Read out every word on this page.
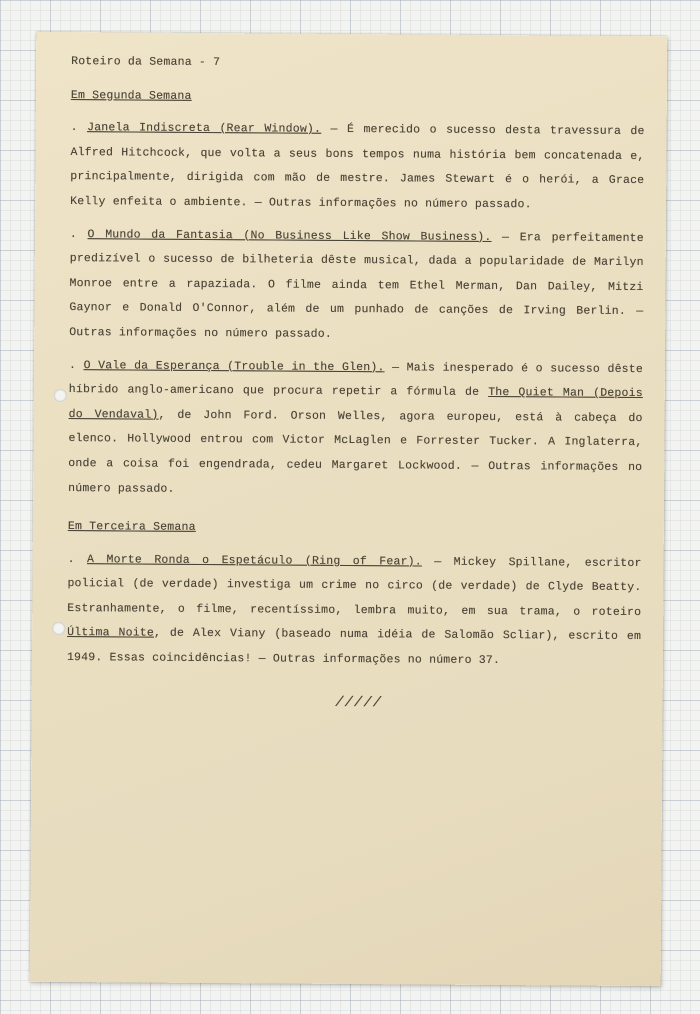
Roteiro da Semana - 7
Em Segunda Semana
. Janela Indiscreta (Rear Window). — É merecido o sucesso desta travessura de Alfred Hitchcock, que volta a seus bons tempos numa história bem concatenada e, principalmente, dirigida com mão de mestre. James Stewart é o herói, a Grace Kelly enfeita o ambiente. — Outras informações no número passado.
. O Mundo da Fantasia (No Business Like Show Business). — Era perfeitamente predizível o sucesso de bilheteria dêste musical, dada a popularidade de Marilyn Monroe entre a rapaziada. O filme ainda tem Ethel Merman, Dan Dailey, Mitzi Gaynor e Donald O'Connor, além de um punhado de canções de Irving Berlin. — Outras informações no número passado.
. O Vale da Esperança (Trouble in the Glen). — Mais inesperado é o sucesso dêste híbrido anglo-americano que procura repetir a fórmula de The Quiet Man (Depois do Vendaval), de John Ford. Orson Welles, agora europeu, está à cabeça do elenco. Hollywood entrou com Victor McLaglen e Forrester Tucker. A Inglaterra, onde a coisa foi engendrada, cedeu Margaret Lockwood. — Outras informações no número passado.
Em Terceira Semana
. A Morte Ronda o Espetáculo (Ring of Fear). — Mickey Spillane, escritor policial (de verdade) investiga um crime no circo (de verdade) de Clyde Beatty. Estranhamente, o filme, recentíssimo, lembra muito, em sua trama, o roteiro Última Noite, de Alex Viany (baseado numa idéia de Salomão Scliar), escrito em 1949. Essas coincidências! — Outras informações no número 37.
/////
